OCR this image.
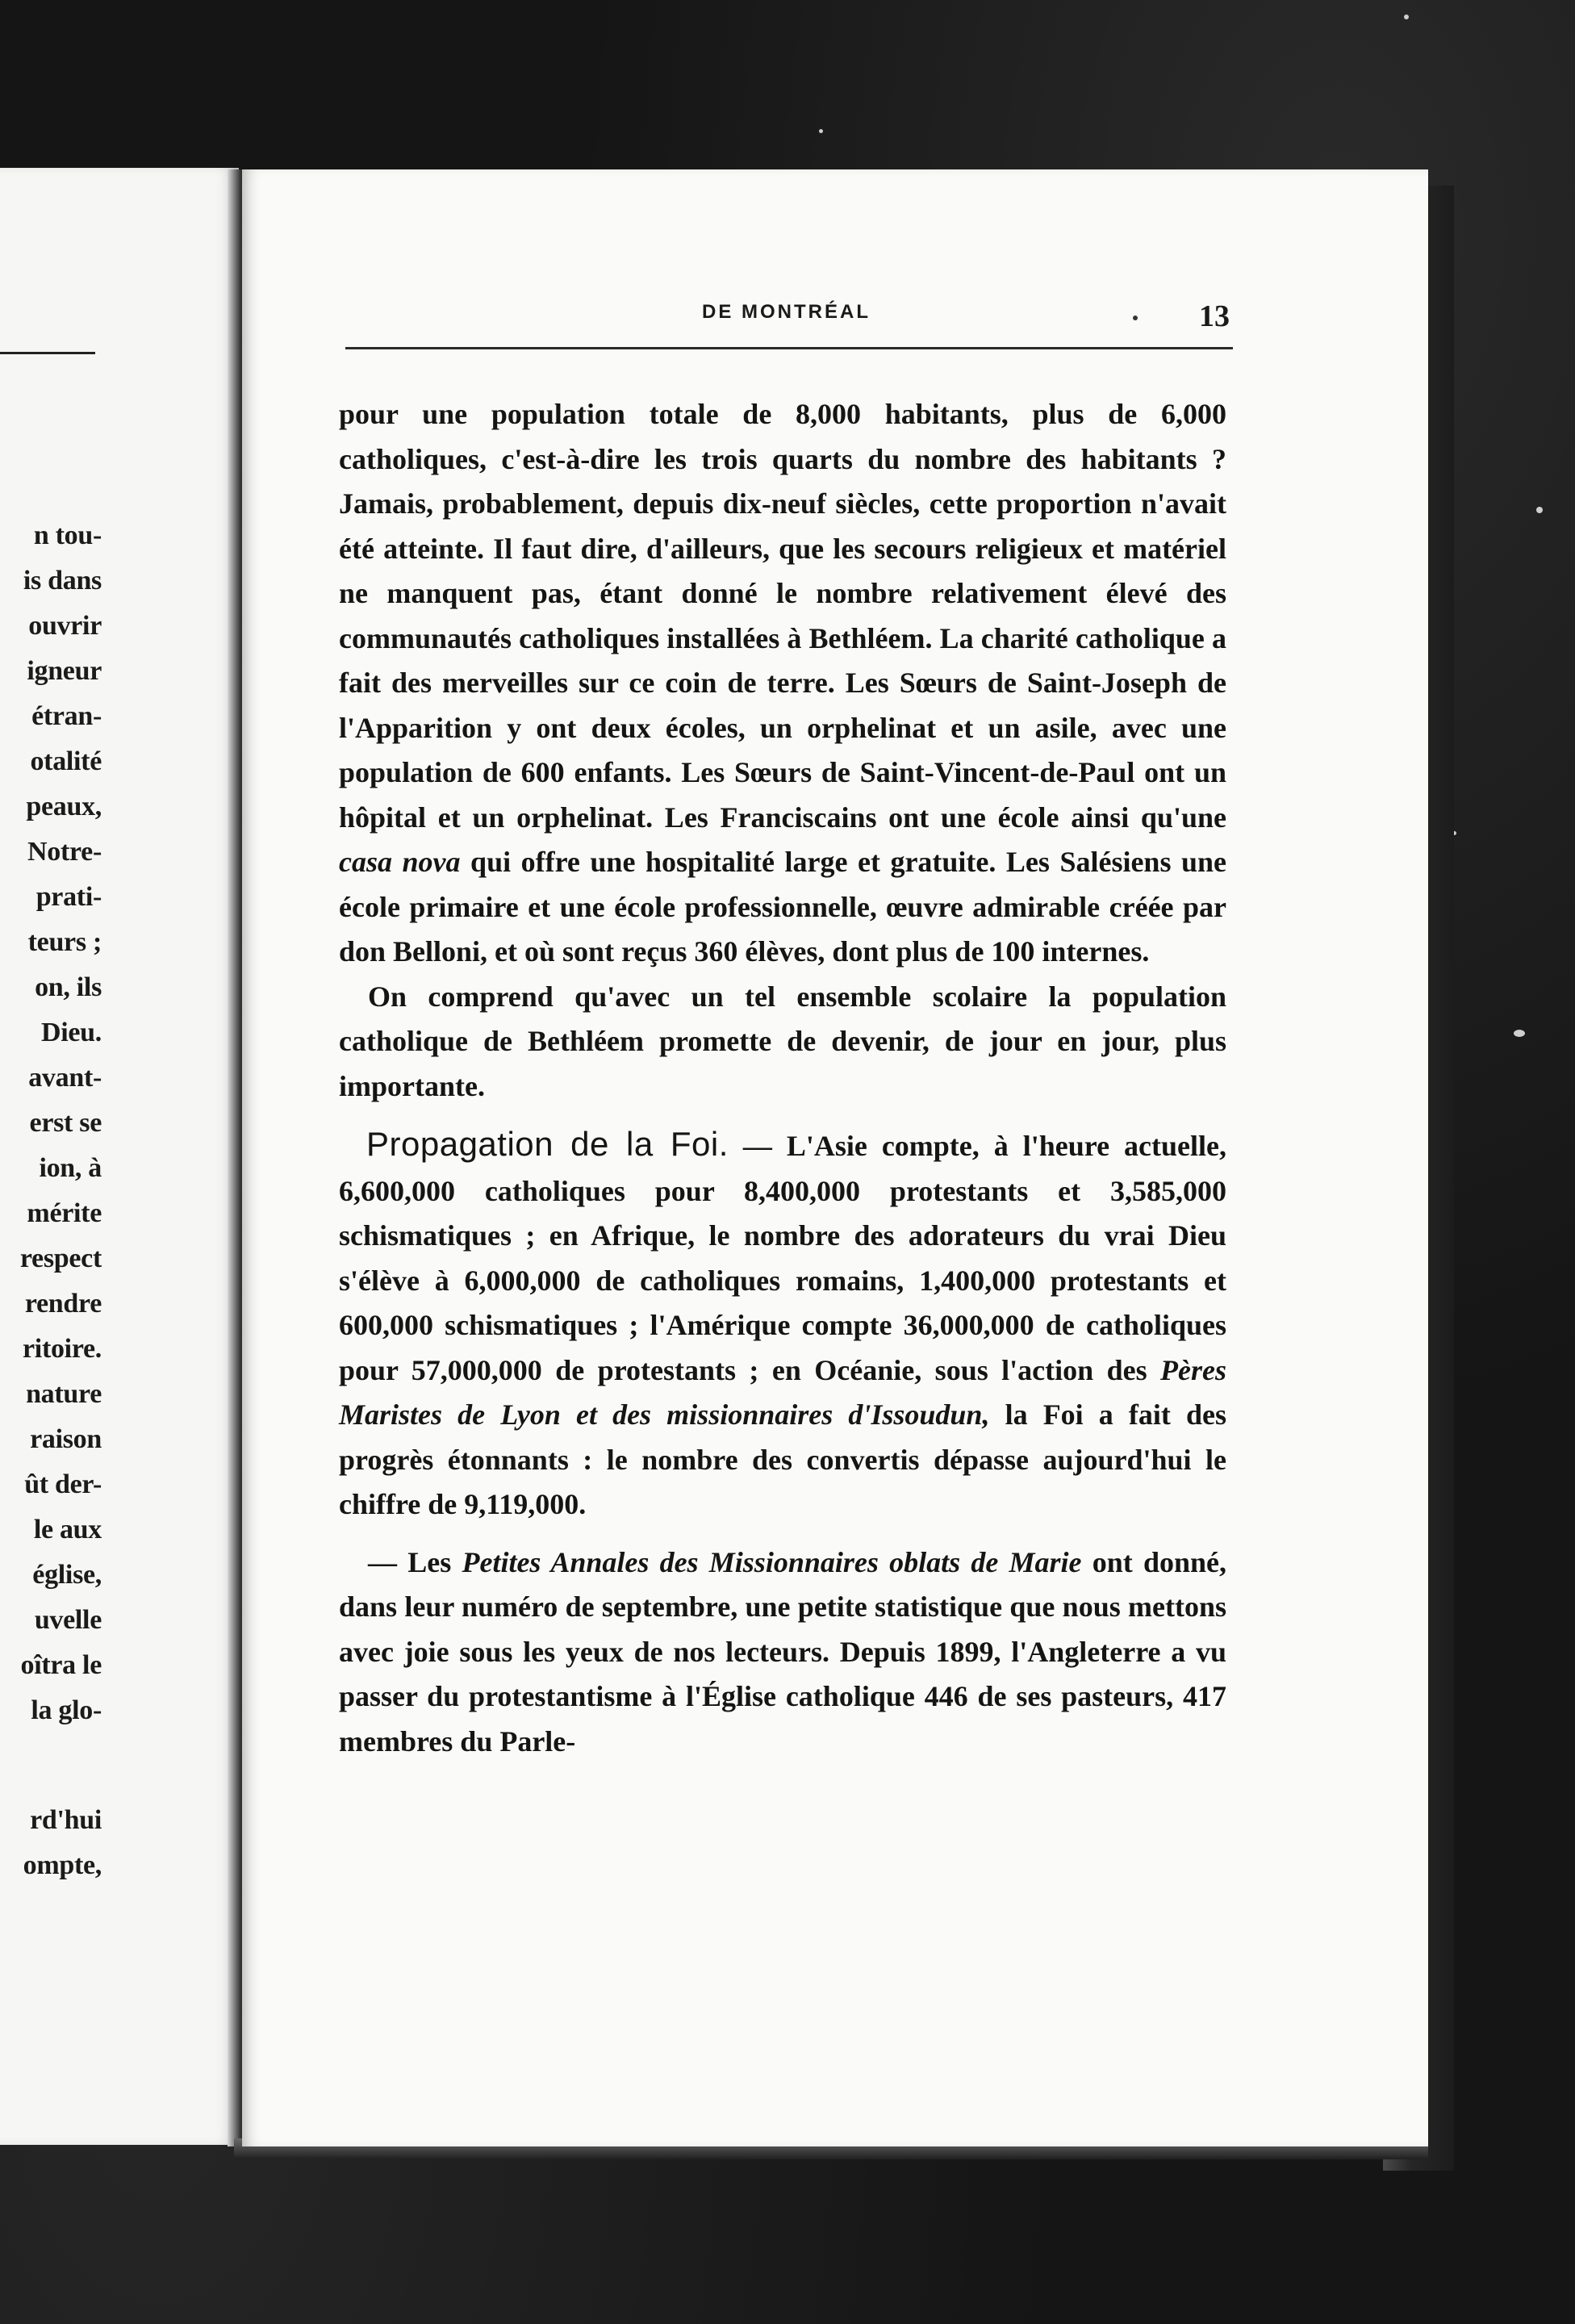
n tou-
is dans
ouvrir
igneur
étran-
otalité
peaux,
Notre-
prati-
teurs ;
on, ils
Dieu.
avant-
erst se
ion, à
mérite
respect
rendre
ritoire.
nature
raison
ût der-
le aux
église,
uvelle
oîtra le
la glo-
rd'hui
ompte,
DE MONTRÉAL	13

pour une population totale de 8,000 habitants, plus de 6,000 catholiques, c'est-à-dire les trois quarts du nombre des habitants ? Jamais, probablement, depuis dix-neuf siècles, cette proportion n'avait été atteinte. Il faut dire, d'ailleurs, que les secours religieux et matériel ne manquent pas, étant donné le nombre relativement élevé des communautés catholiques installées à Bethléem. La charité catholique a fait des merveilles sur ce coin de terre. Les Sœurs de Saint-Joseph de l'Apparition y ont deux écoles, un orphelinat et un asile, avec une population de 600 enfants. Les Sœurs de Saint-Vincent-de-Paul ont un hôpital et un orphelinat. Les Franciscains ont une école ainsi qu'une casa nova qui offre une hospitalité large et gratuite. Les Salésiens une école primaire et une école professionnelle, œuvre admirable créée par don Belloni, et où sont reçus 360 élèves, dont plus de 100 internes.

On comprend qu'avec un tel ensemble scolaire la population catholique de Bethléem promette de devenir, de jour en jour, plus importante.

Propagation de la Foi. — L'Asie compte, à l'heure actuelle, 6,600,000 catholiques pour 8,400,000 protestants et 3,585,000 schismatiques ; en Afrique, le nombre des adorateurs du vrai Dieu s'élève à 6,000,000 de catholiques romains, 1,400,000 protestants et 600,000 schismatiques ; l'Amérique compte 36,000,000 de catholiques pour 57,000,000 de protestants ; en Océanie, sous l'action des Pères Maristes de Lyon et des missionnaires d'Issoudun, la Foi a fait des progrès étonnants : le nombre des convertis dépasse aujourd'hui le chiffre de 9,119,000.

— Les Petites Annales des Missionnaires oblats de Marie ont donné, dans leur numéro de septembre, une petite statistique que nous mettons avec joie sous les yeux de nos lecteurs. Depuis 1899, l'Angleterre a vu passer du protestantisme à l'Église catholique 446 de ses pasteurs, 417 membres du Parle-
